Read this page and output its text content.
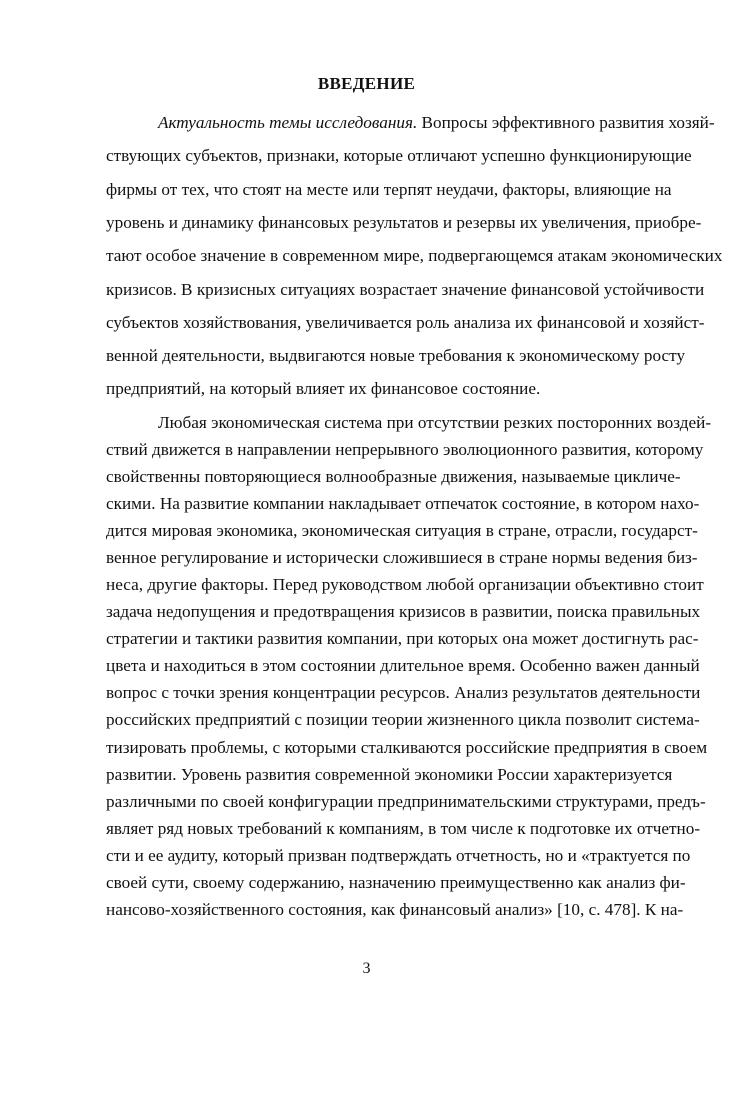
ВВЕДЕНИЕ
Актуальность темы исследования. Вопросы эффективного развития хозяй-
ствующих субъектов, признаки, которые отличают успешно функционирующие
фирмы от тех, что стоят на месте или терпят неудачи, факторы, влияющие на
уровень и динамику финансовых результатов и резервы их увеличения, приобре-
тают особое значение в современном мире, подвергающемся атакам экономических
кризисов. В кризисных ситуациях возрастает значение финансовой устойчивости
субъектов хозяйствования, увеличивается роль анализа их финансовой и хозяйст-
венной деятельности, выдвигаются новые требования к экономическому росту
предприятий, на который влияет их финансовое состояние.
Любая экономическая система при отсутствии резких посторонних воздей-
ствий движется в направлении непрерывного эволюционного развития, которому
свойственны повторяющиеся волнообразные движения, называемые цикличе-
скими. На развитие компании накладывает отпечаток состояние, в котором нахо-
дится мировая экономика, экономическая ситуация в стране, отрасли, государст-
венное регулирование и исторически сложившиеся в стране нормы ведения биз-
неса, другие факторы. Перед руководством любой организации объективно стоит
задача недопущения и предотвращения кризисов в развитии, поиска правильных
стратегии и тактики развития компании, при которых она может достигнуть рас-
цвета и находиться в этом состоянии длительное время. Особенно важен данный
вопрос с точки зрения концентрации ресурсов. Анализ результатов деятельности
российских предприятий с позиции теории жизненного цикла позволит система-
тизировать проблемы, с которыми сталкиваются российские предприятия в своем
развитии. Уровень развития современной экономики России характеризуется
различными по своей конфигурации предпринимательскими структурами, предъ-
являет ряд новых требований к компаниям, в том числе к подготовке их отчетно-
сти и ее аудиту, который призван подтверждать отчетность, но и «трактуется по
своей сути, своему содержанию, назначению преимущественно как анализ фи-
нансово-хозяйственного состояния, как финансовый анализ» [10, с. 478]. К на-
3
